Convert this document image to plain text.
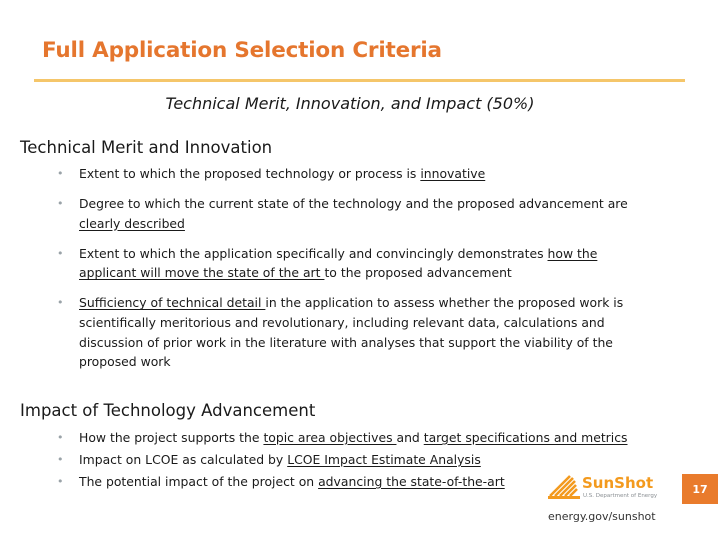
Full Application Selection Criteria
Technical Merit, Innovation, and Impact (50%)
Technical Merit and Innovation
• Extent to which the proposed technology or process is innovative
• Degree to which the current state of the technology and the proposed advancement are clearly described
• Extent to which the application specifically and convincingly demonstrates how the applicant will move the state of the art to the proposed advancement
• Sufficiency of technical detail in the application to assess whether the proposed work is scientifically meritorious and revolutionary, including relevant data, calculations and discussion of prior work in the literature with analyses that support the viability of the proposed work
Impact of Technology Advancement
• How the project supports the topic area objectives and target specifications and metrics
• Impact on LCOE as calculated by LCOE Impact Estimate Analysis
• The potential impact of the project on advancing the state-of-the-art	SunShot
U.S. Department of Energy
energy.gov/sunshot
17
